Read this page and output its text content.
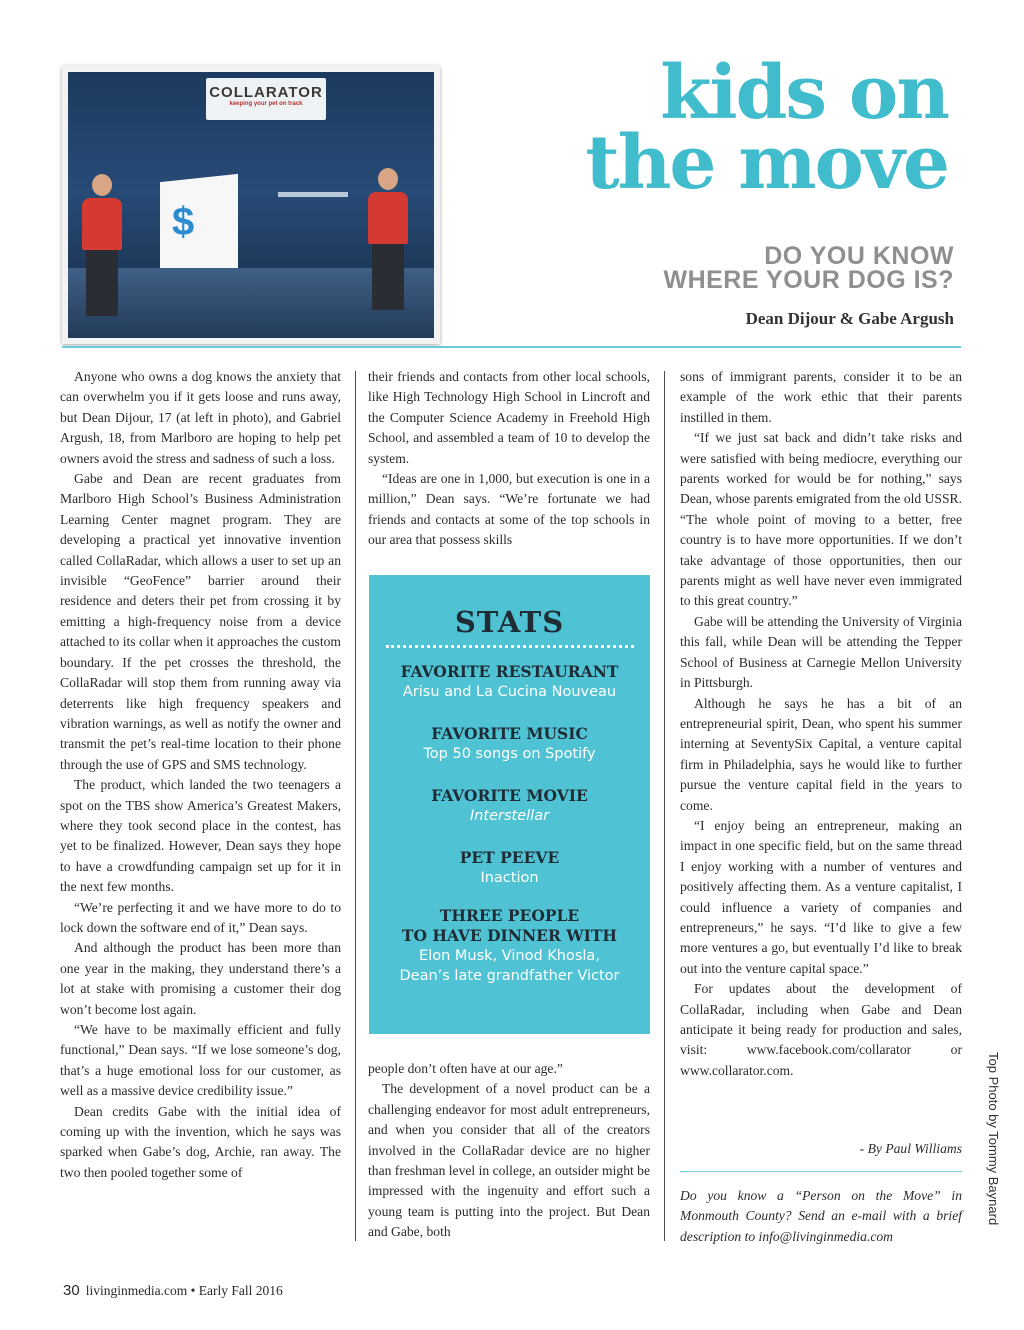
COLLARATOR
keeping your pet on track
$
kids on
the move
DO YOU KNOW
WHERE YOUR DOG IS?
Dean Dijour & Gabe Argush

Anyone who owns a dog knows the anxiety that can overwhelm you if it gets loose and runs away, but Dean Dijour, 17 (at left in photo), and Gabriel Argush, 18, from Marlboro are hoping to help pet owners avoid the stress and sadness of such a loss.

Gabe and Dean are recent graduates from Marlboro High School’s Business Administration Learning Center magnet program. They are developing a practical yet innovative invention called CollaRadar, which allows a user to set up an invisible “GeoFence” barrier around their residence and deters their pet from crossing it by emitting a high-frequency noise from a device attached to its collar when it approaches the custom boundary. If the pet crosses the threshold, the CollaRadar will stop them from running away via deterrents like high frequency speakers and vibration warnings, as well as notify the owner and transmit the pet’s real-time location to their phone through the use of GPS and SMS technology.

The product, which landed the two teenagers a spot on the TBS show America’s Greatest Makers, where they took second place in the contest, has yet to be finalized. However, Dean says they hope to have a crowdfunding campaign set up for it in the next few months.

“We’re perfecting it and we have more to do to lock down the software end of it,” Dean says.

And although the product has been more than one year in the making, they understand there’s a lot at stake with promising a customer their dog won’t become lost again.

“We have to be maximally efficient and fully functional,” Dean says. “If we lose someone’s dog, that’s a huge emotional loss for our customer, as well as a massive device credibility issue.”

Dean credits Gabe with the initial idea of coming up with the invention, which he says was sparked when Gabe’s dog, Archie, ran away. The two then pooled together some of

their friends and contacts from other local schools, like High Technology High School in Lincroft and the Computer Science Academy in Freehold High School, and assembled a team of 10 to develop the system.

“Ideas are one in 1,000, but execution is one in a million,” Dean says. “We’re fortunate we had friends and contacts at some of the top schools in our area that possess skills

STATS
FAVORITE RESTAURANT
Arisu and La Cucina Nouveau
FAVORITE MUSIC
Top 50 songs on Spotify
FAVORITE MOVIE
Interstellar
PET PEEVE
Inaction
THREE PEOPLE
TO HAVE DINNER WITH
Elon Musk, Vinod Khosla,
Dean’s late grandfather Victor

people don’t often have at our age.”

The development of a novel product can be a challenging endeavor for most adult entrepreneurs, and when you consider that all of the creators involved in the CollaRadar device are no higher than freshman level in college, an outsider might be impressed with the ingenuity and effort such a young team is putting into the project. But Dean and Gabe, both

sons of immigrant parents, consider it to be an example of the work ethic that their parents instilled in them.

“If we just sat back and didn’t take risks and were satisfied with being mediocre, everything our parents worked for would be for nothing,” says Dean, whose parents emigrated from the old USSR. “The whole point of moving to a better, free country is to have more opportunities. If we don’t take advantage of those opportunities, then our parents might as well have never even immigrated to this great country.”

Gabe will be attending the University of Virginia this fall, while Dean will be attending the Tepper School of Business at Carnegie Mellon University in Pittsburgh.

Although he says he has a bit of an entrepreneurial spirit, Dean, who spent his summer interning at SeventySix Capital, a venture capital firm in Philadelphia, says he would like to further pursue the venture capital field in the years to come.

“I enjoy being an entrepreneur, making an impact in one specific field, but on the same thread I enjoy working with a number of ventures and positively affecting them. As a venture capitalist, I could influence a variety of companies and entrepreneurs,” he says. “I’d like to give a few more ventures a go, but eventually I’d like to break out into the venture capital space.”

For updates about the development of CollaRadar, including when Gabe and Dean anticipate it being ready for production and sales, visit: www.facebook.com/collarator or www.collarator.com.

- By Paul Williams

Do you know a “Person on the Move” in Monmouth County? Send an e-mail with a brief description to info@livinginmedia.com

Top Photo by Tommy Baynard
30 livinginmedia.com • Early Fall 2016
